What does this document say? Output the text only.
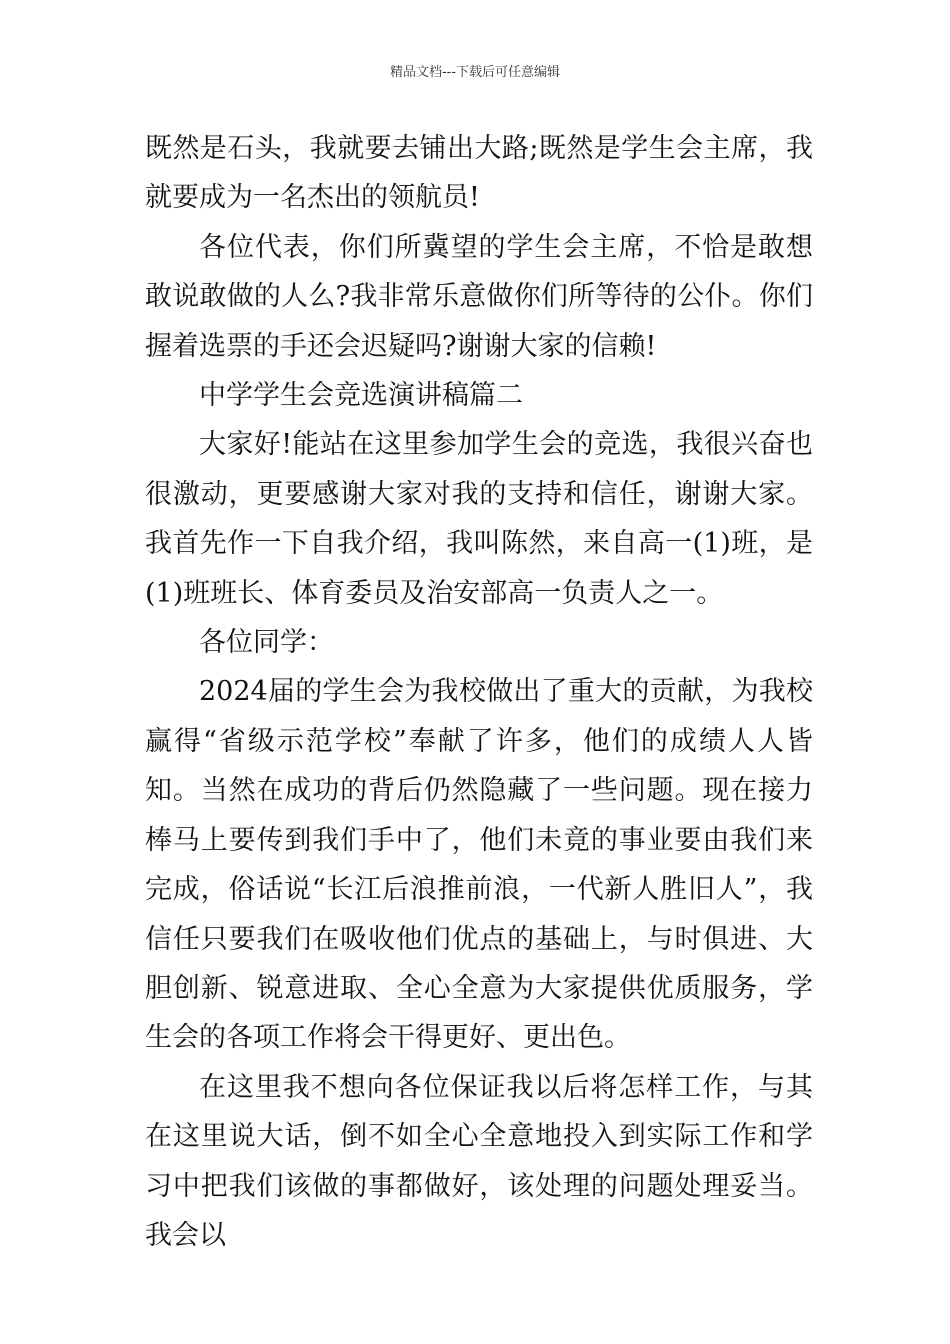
精品文档---下载后可任意编辑

既然是石头，我就要去铺出大路;既然是学生会主席，我就要成为一名杰出的领航员!

各位代表，你们所冀望的学生会主席，不恰是敢想敢说敢做的人么?我非常乐意做你们所等待的公仆。你们握着选票的手还会迟疑吗?谢谢大家的信赖!

中学学生会竞选演讲稿篇二

大家好!能站在这里参加学生会的竞选，我很兴奋也很激动，更要感谢大家对我的支持和信任，谢谢大家。我首先作一下自我介绍，我叫陈然，来自高一(1)班，是(1)班班长、体育委员及治安部高一负责人之一。

各位同学：

2024届的学生会为我校做出了重大的贡献，为我校赢得“省级示范学校”奉献了许多，他们的成绩人人皆知。当然在成功的背后仍然隐藏了一些问题。现在接力棒马上要传到我们手中了，他们未竟的事业要由我们来完成，俗话说“长江后浪推前浪，一代新人胜旧人”，我信任只要我们在吸收他们优点的基础上，与时俱进、大胆创新、锐意进取、全心全意为大家提供优质服务，学生会的各项工作将会干得更好、更出色。

在这里我不想向各位保证我以后将怎样工作，与其在这里说大话，倒不如全心全意地投入到实际工作和学习中把我们该做的事都做好，该处理的问题处理妥当。我会以
